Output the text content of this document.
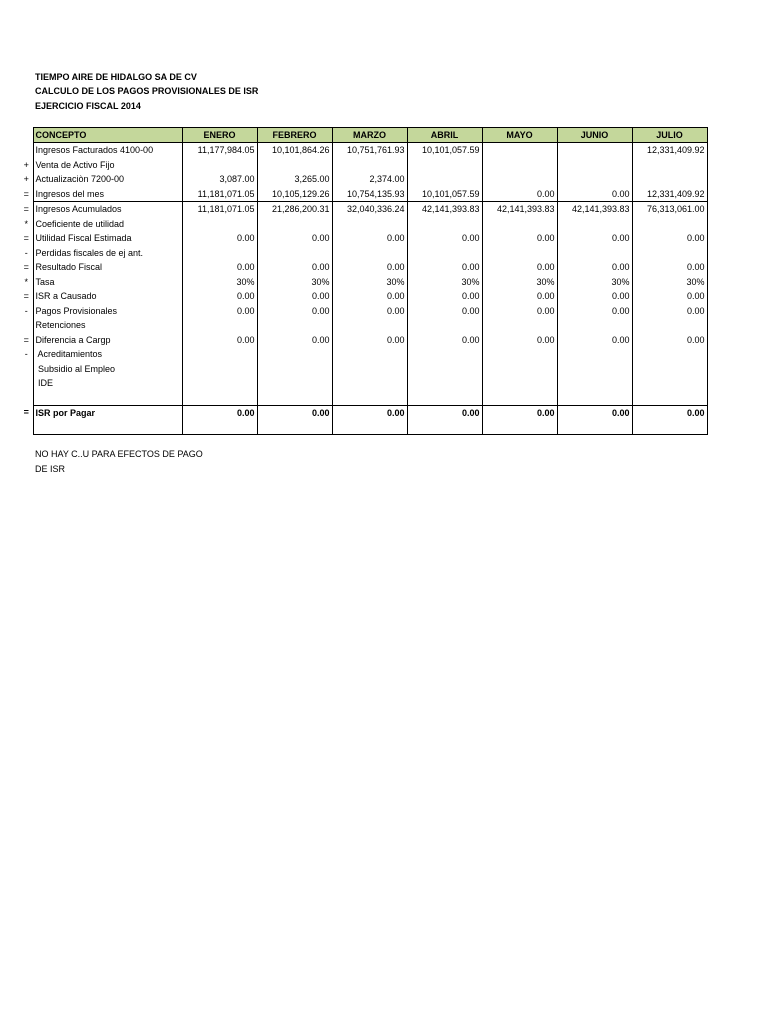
TIEMPO AIRE DE HIDALGO SA DE CV
CALCULO DE LOS PAGOS PROVISIONALES DE ISR
EJERCICIO FISCAL 2014
	CONCEPTO	ENERO	FEBRERO	MARZO	ABRIL	MAYO	JUNIO	JULIO
	Ingresos Facturados 4100-00	11,177,984.05	10,101,864.26	10,751,761.93	10,101,057.59			12,331,409.92
+	Venta de Activo Fijo							
+	Actualizaciòn 7200-00	3,087.00	3,265.00	2,374.00				
=	Ingresos del mes	11,181,071.05	10,105,129.26	10,754,135.93	10,101,057.59	0.00	0.00	12,331,409.92
=	Ingresos Acumulados	11,181,071.05	21,286,200.31	32,040,336.24	42,141,393.83	42,141,393.83	42,141,393.83	76,313,061.00
*	Coeficiente de utilidad							
=	Utilidad Fiscal Estimada	0.00	0.00	0.00	0.00	0.00	0.00	0.00
-	Perdidas fiscales de ej ant.							
=	Resultado Fiscal	0.00	0.00	0.00	0.00	0.00	0.00	0.00
*	Tasa	30%	30%	30%	30%	30%	30%	30%
=	ISR a Causado	0.00	0.00	0.00	0.00	0.00	0.00	0.00
-	Pagos Provisionales	0.00	0.00	0.00	0.00	0.00	0.00	0.00
	Retenciones							
=	Diferencia a Cargp	0.00	0.00	0.00	0.00	0.00	0.00	0.00
-	Acreditamientos							
	Subsidio al Empleo							
	IDE							

=	ISR por Pagar	0.00	0.00	0.00	0.00	0.00	0.00	0.00

NO HAY C..U PARA EFECTOS DE PAGO
DE ISR
